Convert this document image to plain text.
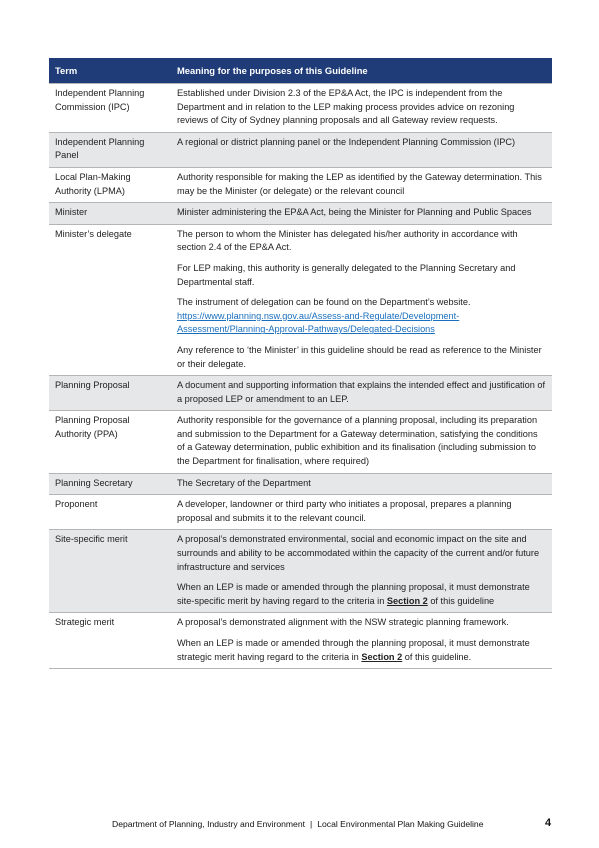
Term	Meaning for the purposes of this Guideline
Independent Planning Commission (IPC)	Established under Division 2.3 of the EP&A Act, the IPC is independent from the Department and in relation to the LEP making process provides advice on rezoning reviews of City of Sydney planning proposals and all Gateway review requests.

Independent Planning Panel	A regional or district planning panel or the Independent Planning Commission (IPC)

Local Plan-Making Authority (LPMA)	Authority responsible for making the LEP as identified by the Gateway determination. This may be the Minister (or delegate) or the relevant council

Minister	Minister administering the EP&A Act, being the Minister for Planning and Public Spaces

Minister’s delegate	The person to whom the Minister has delegated his/her authority in accordance with section 2.4 of the EP&A Act.

For LEP making, this authority is generally delegated to the Planning Secretary and Departmental staff.

The instrument of delegation can be found on the Department’s website.
https://www.planning.nsw.gov.au/Assess-and-Regulate/Development-Assessment/Planning-Approval-Pathways/Delegated-Decisions

Any reference to ‘the Minister’ in this guideline should be read as reference to the Minister or their delegate.

Planning Proposal	A document and supporting information that explains the intended effect and justification of a proposed LEP or amendment to an LEP.

Planning Proposal Authority (PPA)	Authority responsible for the governance of a planning proposal, including its preparation and submission to the Department for a Gateway determination, satisfying the conditions of a Gateway determination, public exhibition and its finalisation (including submission to the Department for finalisation, where required)

Planning Secretary	The Secretary of the Department

Proponent	A developer, landowner or third party who initiates a proposal, prepares a planning proposal and submits it to the relevant council.

Site-specific merit	A proposal’s demonstrated environmental, social and economic impact on the site and surrounds and ability to be accommodated within the capacity of the current and/or future infrastructure and services

When an LEP is made or amended through the planning proposal, it must demonstrate site-specific merit by having regard to the criteria in Section 2 of this guideline

Strategic merit	A proposal’s demonstrated alignment with the NSW strategic planning framework.

When an LEP is made or amended through the planning proposal, it must demonstrate strategic merit having regard to the criteria in Section 2 of this guideline.

Department of Planning, Industry and Environment | Local Environmental Plan Making Guideline	4
